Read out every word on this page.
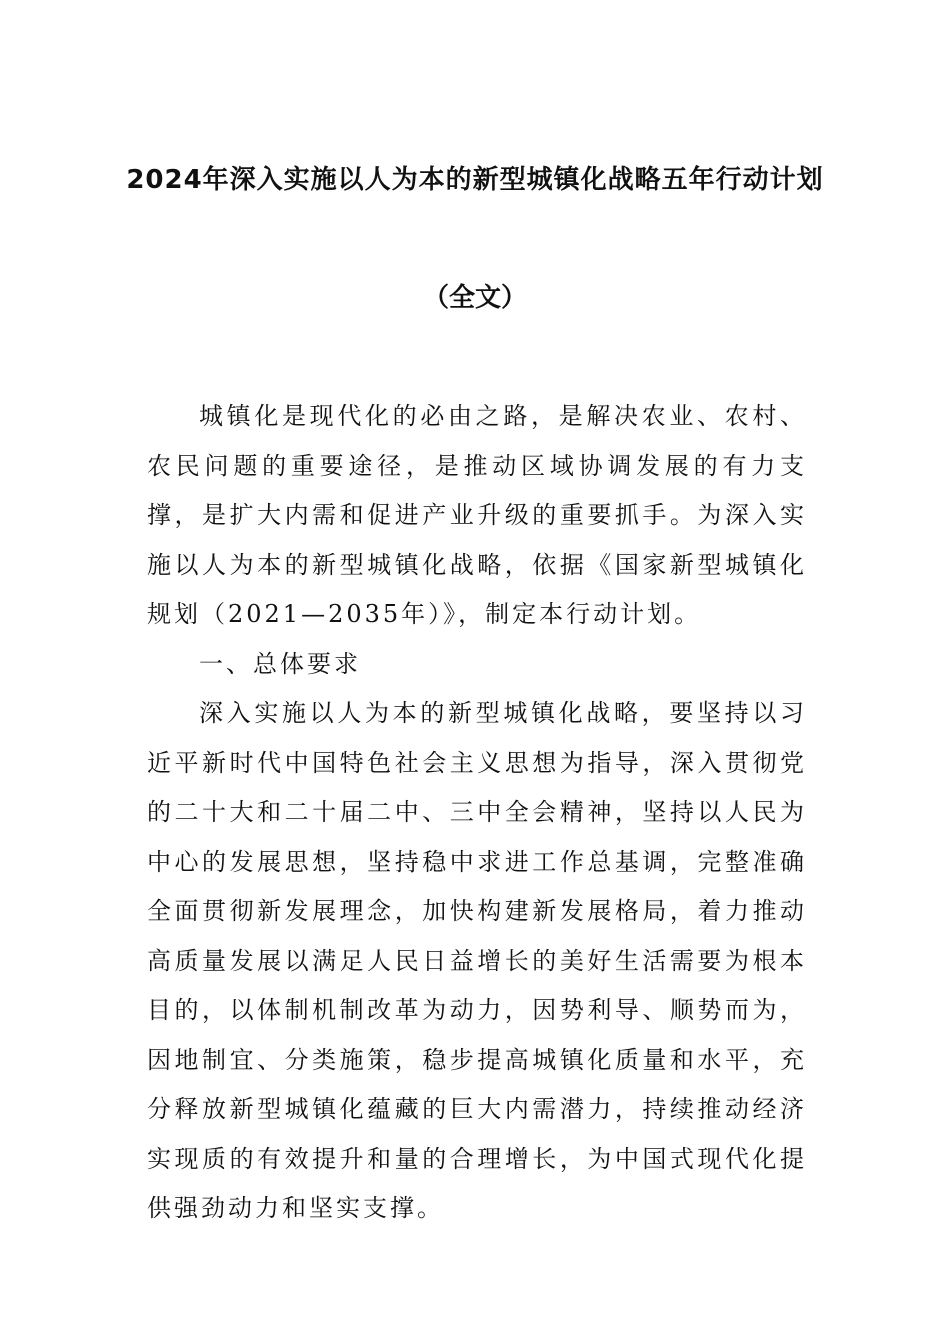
2024年深入实施以人为本的新型城镇化战略五年行动计划
（全文）

城镇化是现代化的必由之路，是解决农业、农村、农民问题的重要途径，是推动区域协调发展的有力支撑，是扩大内需和促进产业升级的重要抓手。为深入实施以人为本的新型城镇化战略，依据《国家新型城镇化规划（2021—2035年）》，制定本行动计划。

一、总体要求

深入实施以人为本的新型城镇化战略，要坚持以习近平新时代中国特色社会主义思想为指导，深入贯彻党的二十大和二十届二中、三中全会精神，坚持以人民为中心的发展思想，坚持稳中求进工作总基调，完整准确全面贯彻新发展理念，加快构建新发展格局，着力推动高质量发展以满足人民日益增长的美好生活需要为根本目的，以体制机制改革为动力，因势利导、顺势而为，因地制宜、分类施策，稳步提高城镇化质量和水平，充分释放新型城镇化蕴藏的巨大内需潜力，持续推动经济实现质的有效提升和量的合理增长，为中国式现代化提供强劲动力和坚实支撑。
